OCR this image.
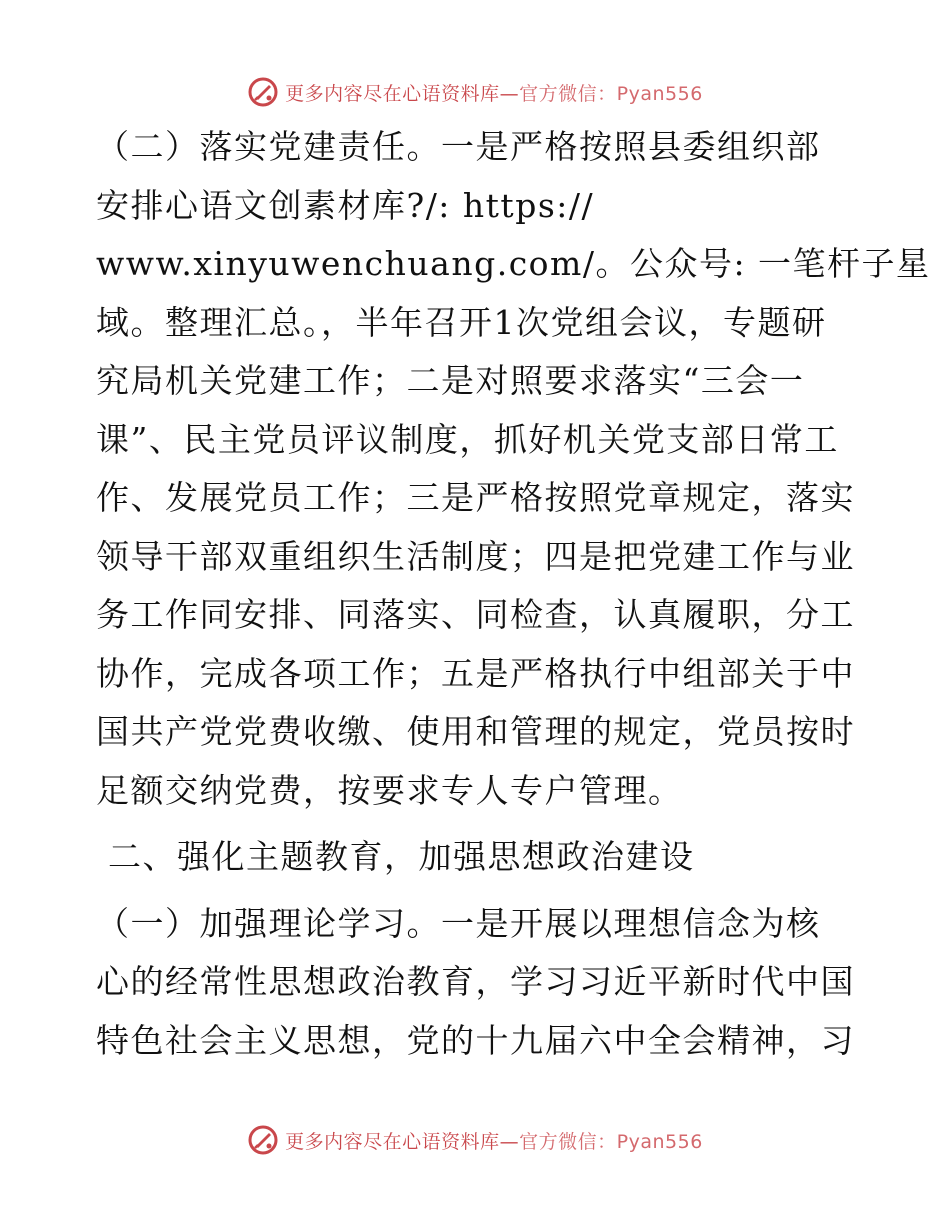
更多内容尽在心语资料库—官方微信：Pyan556
（二）落实党建责任。一是严格按照县委组织部
安排心语文创素材库?/: https://
www.xinyuwenchuang.com/。公众号: 一笔杆子星
域。整理汇总。，半年召开1次党组会议，专题研
究局机关党建工作；二是对照要求落实“三会一
课”、民主党员评议制度，抓好机关党支部日常工
作、发展党员工作；三是严格按照党章规定，落实
领导干部双重组织生活制度；四是把党建工作与业
务工作同安排、同落实、同检查，认真履职，分工
协作，完成各项工作；五是严格执行中组部关于中
国共产党党费收缴、使用和管理的规定，党员按时
足额交纳党费，按要求专人专户管理。
二、强化主题教育，加强思想政治建设
（一）加强理论学习。一是开展以理想信念为核
心的经常性思想政治教育，学习习近平新时代中国
特色社会主义思想，党的十九届六中全会精神，习
更多内容尽在心语资料库—官方微信：Pyan556
